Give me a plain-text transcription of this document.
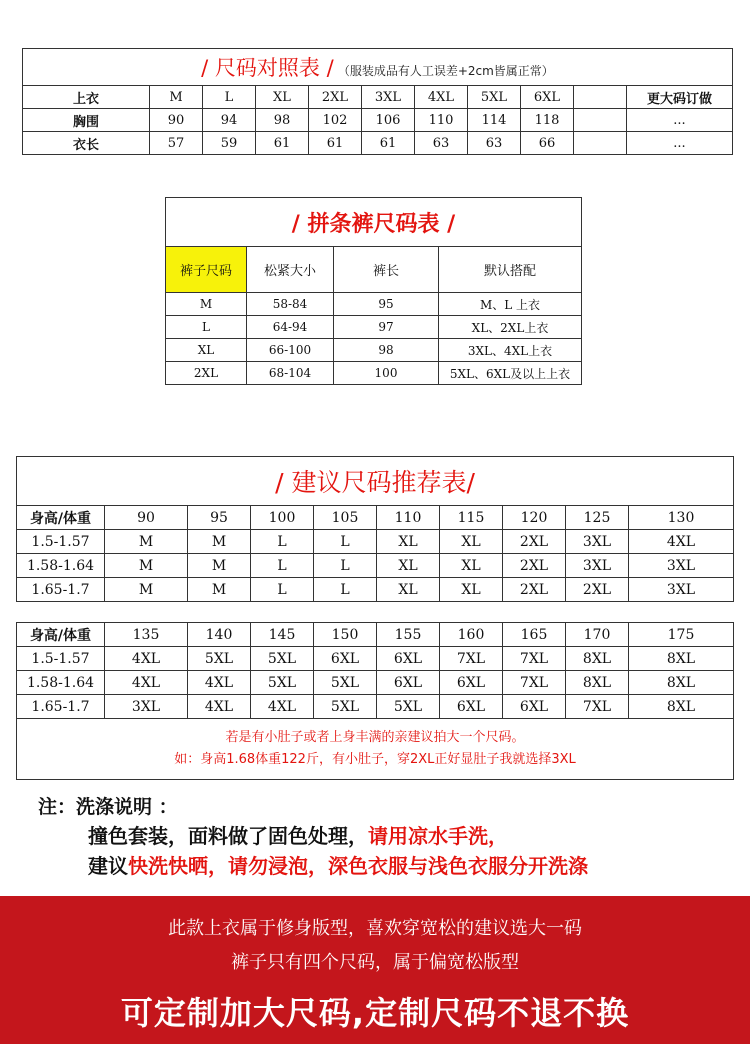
/ 尺码对照表 / （服装成品有人工误差+2cm皆属正常）										
上衣	M	L	XL	2XL	3XL	4XL	5XL	6XL		更大码订做
胸围	90	94	98	102	106	110	114	118		...
衣长	57	59	61	61	61	63	63	66		...
/ 拼条裤尺码表 /			
裤子尺码	松紧大小	裤长	默认搭配
M	58-84	95	M、L 上衣
L	64-94	97	XL、2XL上衣
XL	66-100	98	3XL、4XL上衣
2XL	68-104	100	5XL、6XL及以上上衣
/ 建议尺码推荐表/									
身高/体重	90	95	100	105	110	115	120	125	130
1.5-1.57	M	M	L	L	XL	XL	2XL	3XL	4XL
1.58-1.64	M	M	L	L	XL	XL	2XL	3XL	3XL
1.65-1.7	M	M	L	L	XL	XL	2XL	2XL	3XL

身高/体重	135	140	145	150	155	160	165	170	175
1.5-1.57	4XL	5XL	5XL	6XL	6XL	7XL	7XL	8XL	8XL
1.58-1.64	4XL	4XL	5XL	5XL	6XL	6XL	7XL	8XL	8XL
1.65-1.7	3XL	4XL	4XL	5XL	5XL	6XL	6XL	7XL	8XL

若是有小肚子或者上身丰满的亲建议拍大一个尺码。
如：身高1.68体重122斤，有小肚子，穿2XL正好显肚子我就选择3XL									
注：洗涤说明 ：
撞色套装，面料做了固色处理，请用凉水手洗，
建议快洗快晒，请勿浸泡，深色衣服与浅色衣服分开洗涤
此款上衣属于修身版型，喜欢穿宽松的建议选大一码
裤子只有四个尺码，属于偏宽松版型
可定制加大尺码,定制尺码不退不换
